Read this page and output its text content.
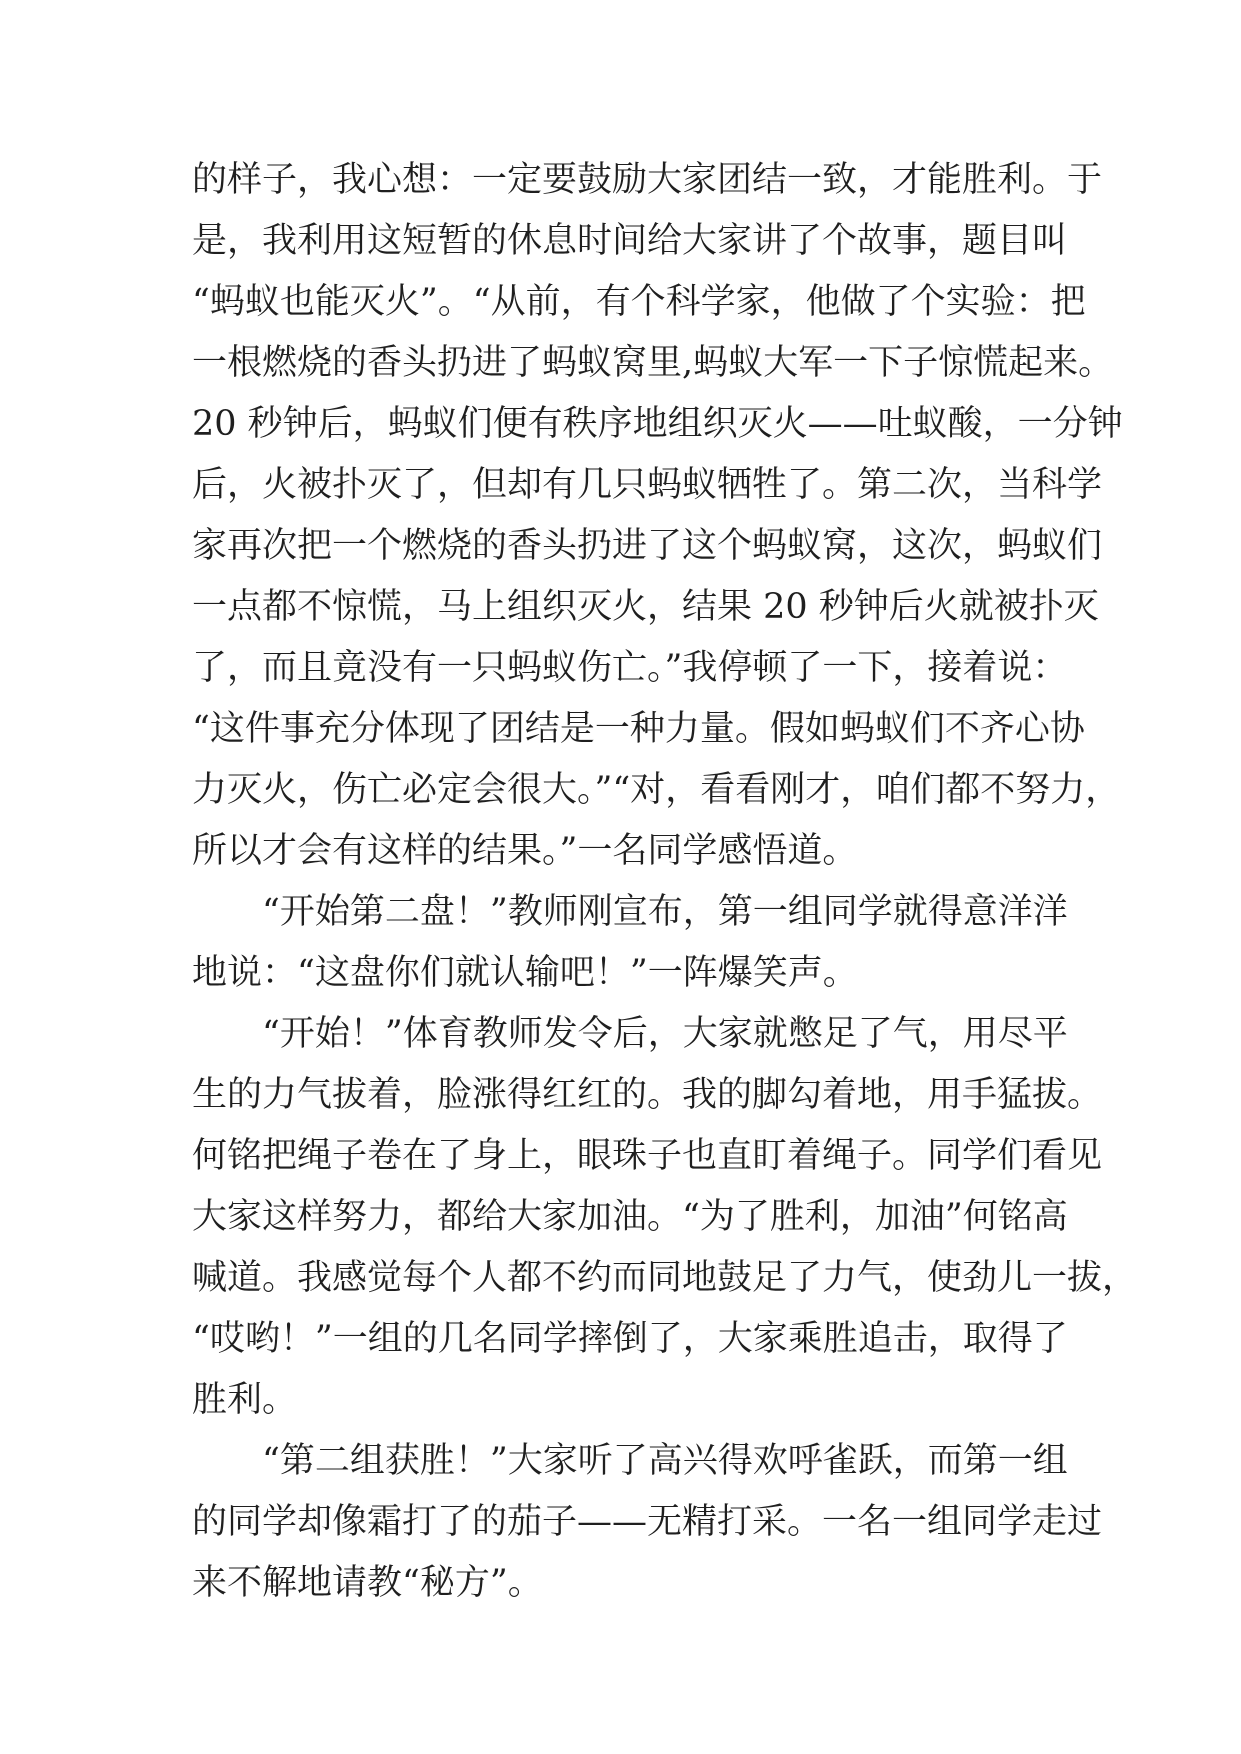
的样子，我心想：一定要鼓励大家团结一致，才能胜利。于
是，我利用这短暂的休息时间给大家讲了个故事，题目叫
“蚂蚁也能灭火”。“从前，有个科学家，他做了个实验：把
一根燃烧的香头扔进了蚂蚁窝里,蚂蚁大军一下子惊慌起来。
20 秒钟后，蚂蚁们便有秩序地组织灭火——吐蚁酸，一分钟
后，火被扑灭了，但却有几只蚂蚁牺牲了。第二次，当科学
家再次把一个燃烧的香头扔进了这个蚂蚁窝，这次，蚂蚁们
一点都不惊慌，马上组织灭火，结果 20 秒钟后火就被扑灭
了，而且竟没有一只蚂蚁伤亡。”我停顿了一下，接着说：
“这件事充分体现了团结是一种力量。假如蚂蚁们不齐心协
力灭火，伤亡必定会很大。”“对，看看刚才，咱们都不努力，
所以才会有这样的结果。”一名同学感悟道。
“开始第二盘！”教师刚宣布，第一组同学就得意洋洋
地说：“这盘你们就认输吧！”一阵爆笑声。
“开始！”体育教师发令后，大家就憋足了气，用尽平
生的力气拔着，脸涨得红红的。我的脚勾着地，用手猛拔。
何铭把绳子卷在了身上，眼珠子也直盯着绳子。同学们看见
大家这样努力，都给大家加油。“为了胜利，加油”何铭高
喊道。我感觉每个人都不约而同地鼓足了力气，使劲儿一拔，
“哎哟！”一组的几名同学摔倒了，大家乘胜追击，取得了
胜利。
“第二组获胜！”大家听了高兴得欢呼雀跃，而第一组
的同学却像霜打了的茄子——无精打采。一名一组同学走过
来不解地请教“秘方”。
